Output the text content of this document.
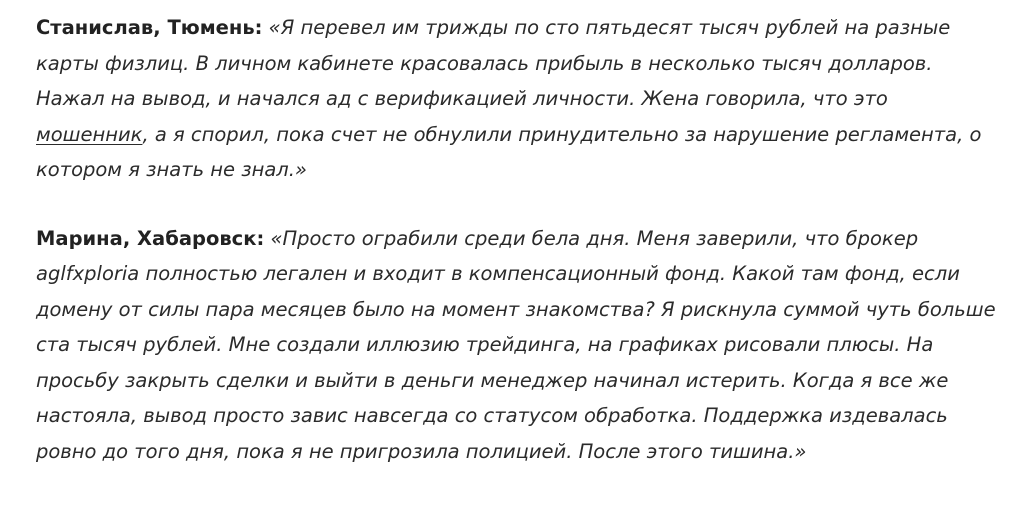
Станислав, Тюмень: «Я перевел им трижды по сто пятьдесят тысяч рублей на разные карты физлиц. В личном кабинете красовалась прибыль в несколько тысяч долларов. Нажал на вывод, и начался ад с верификацией личности. Жена говорила, что это мошенник, а я спорил, пока счет не обнулили принудительно за нарушение регламента, о котором я знать не знал.»

Марина, Хабаровск: «Просто ограбили среди бела дня. Меня заверили, что брокер aglfxploria полностью легален и входит в компенсационный фонд. Какой там фонд, если домену от силы пара месяцев было на момент знакомства? Я рискнула суммой чуть больше ста тысяч рублей. Мне создали иллюзию трейдинга, на графиках рисовали плюсы. На просьбу закрыть сделки и выйти в деньги менеджер начинал истерить. Когда я все же настояла, вывод просто завис навсегда со статусом обработка. Поддержка издевалась ровно до того дня, пока я не пригрозила полицией. После этого тишина.»
